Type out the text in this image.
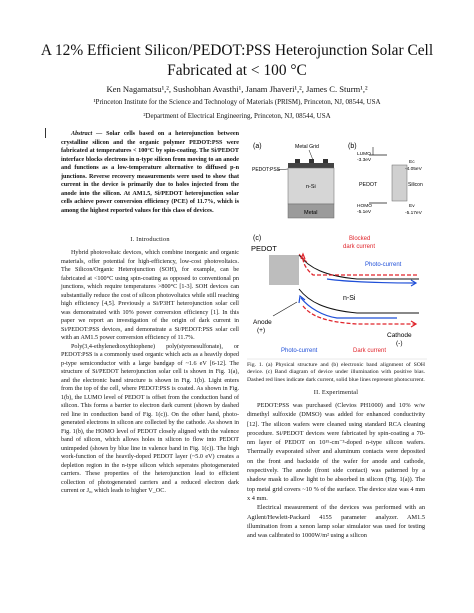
A 12% Efficient Silicon/PEDOT:PSS Heterojunction Solar Cell
Fabricated at < 100 °C
Ken Nagamatsu¹,², Sushobhan Avasthi¹, Janam Jhaveri¹,², James C. Sturm¹,²
¹Princeton Institute for the Science and Technology of Materials (PRISM), Princeton, NJ, 08544, USA
²Department of Electrical Engineering, Princeton, NJ, 08544, USA

Abstract — Solar cells based on a heterojunction between crystalline silicon and the organic polymer PEDOT:PSS were fabricated at temperatures < 100°C by spin-coating. The Si/PEDOT interface blocks electrons in n-type silicon from moving to an anode and functions as a low-temperature alternative to diffused p-n junctions. Reverse recovery measurements were used to show that current in the device is primarily due to holes injected from the anode into the silicon. At AM1.5, Si/PEDOT heterojunction solar cells achieve power conversion efficiency (PCE) of 11.7%, which is among the highest reported values for this class of devices.

I. Introduction

Hybrid photovoltaic devices, which combine inorganic and organic materials, offer potential for high-efficiency, low-cost photovoltaics. The Silicon/Organic Heterojunction (SOH), for example, can be fabricated at <100°C using spin-coating as opposed to conventional pn junctions, which require temperatures >800°C [1-3]. SOH devices can substantially reduce the cost of silicon photovoltaics while still reaching high efficiency [4,5]. Previously a Si/P3HT heterojunction solar cell was demonstrated with 10% power conversion efficiency [1]. In this paper we report an investigation of the origin of dark current in Si/PEDOT:PSS devices, and demonstrate a Si/PEDOT:PSS solar cell with an AM1.5 power conversion efficiency of 11.7%.

Poly(3,4-ethylenedioxythiophene) poly(styrenesulfonate), or PEDOT:PSS is a commonly used organic which acts as a heavily doped p-type semiconductor with a large bandgap of ~1.6 eV [6-12]. The structure of Si/PEDOT heterojunction solar cell is shown in Fig. 1(a), and the electronic band structure is shown in Fig. 1(b). Light enters from the top of the cell, where PEDOT:PSS is coated. As shown in Fig. 1(b), the LUMO level of PEDOT is offset from the conduction band of silicon. This forms a barrier to electron dark current (shown by dashed red line in conduction band of Fig. 1(c)). On the other hand, photo-generated electrons in silicon are collected by the cathode. As shown in Fig. 1(b), the HOMO level of PEDOT closely aligned with the valence band of silicon, which allows holes in silicon to flow into PEDOT unimpeded (shown by blue line in valence band in Fig. 1(c)). The high work-function of the heavily-doped PEDOT layer (~5.0 eV) creates a depletion region in the n-type silicon which seperates photogenerated carriers. These properties of the heterojunction lead to efficient collection of photogenerated carriers and a reduced electron dark current or J₀, which leads to higher V_OC.

(a)	Metal Grid
PEDOT:PSS
n-Si
Metal
(b)
LUMO
-3.3eV
PEDOT
HOMO
-5.1eV
Ec
-4.05eV
Silicon
Ev
-5.17eV
(c)
PEDOT
Blocked
dark current
n-Si
Photo-current
Anode
(+)
Cathode
(-)
Photo-current	Dark current
Fig. 1. (a) Physical structure and (b) electronic band alignment of SOH device. (c) Band diagram of device under illumination with positive bias. Dashed red lines indicate dark current, solid blue lines represent photocurrent.
II. Experimental

PEDOT:PSS was purchased (Clevios PH1000) and 10% w/w dimethyl sulfoxide (DMSO) was added for enhanced conductivity [12]. The silicon wafers were cleaned using standard RCA cleaning procedure. Si/PEDOT devices were fabricated by spin-coating a 70-nm layer of PEDOT on 10¹⁵-cm⁻³-doped n-type silicon wafers. Thermally evaporated silver and aluminum contacts were deposited on the front and backside of the wafer for anode and cathode, respectively. The anode (front side contact) was patterned by a shadow mask to allow light to be absorbed in silicon (Fig. 1(a)). The top metal grid covers ~10 % of the surface. The device size was 4 mm x 4 mm.

Electrical measurement of the devices was performed with an Agilent/Hewlett-Packard 4155 parameter analyzer. AM1.5 illumination from a xenon lamp solar simulator was used for testing and was calibrated to 1000W/m² using a silicon
